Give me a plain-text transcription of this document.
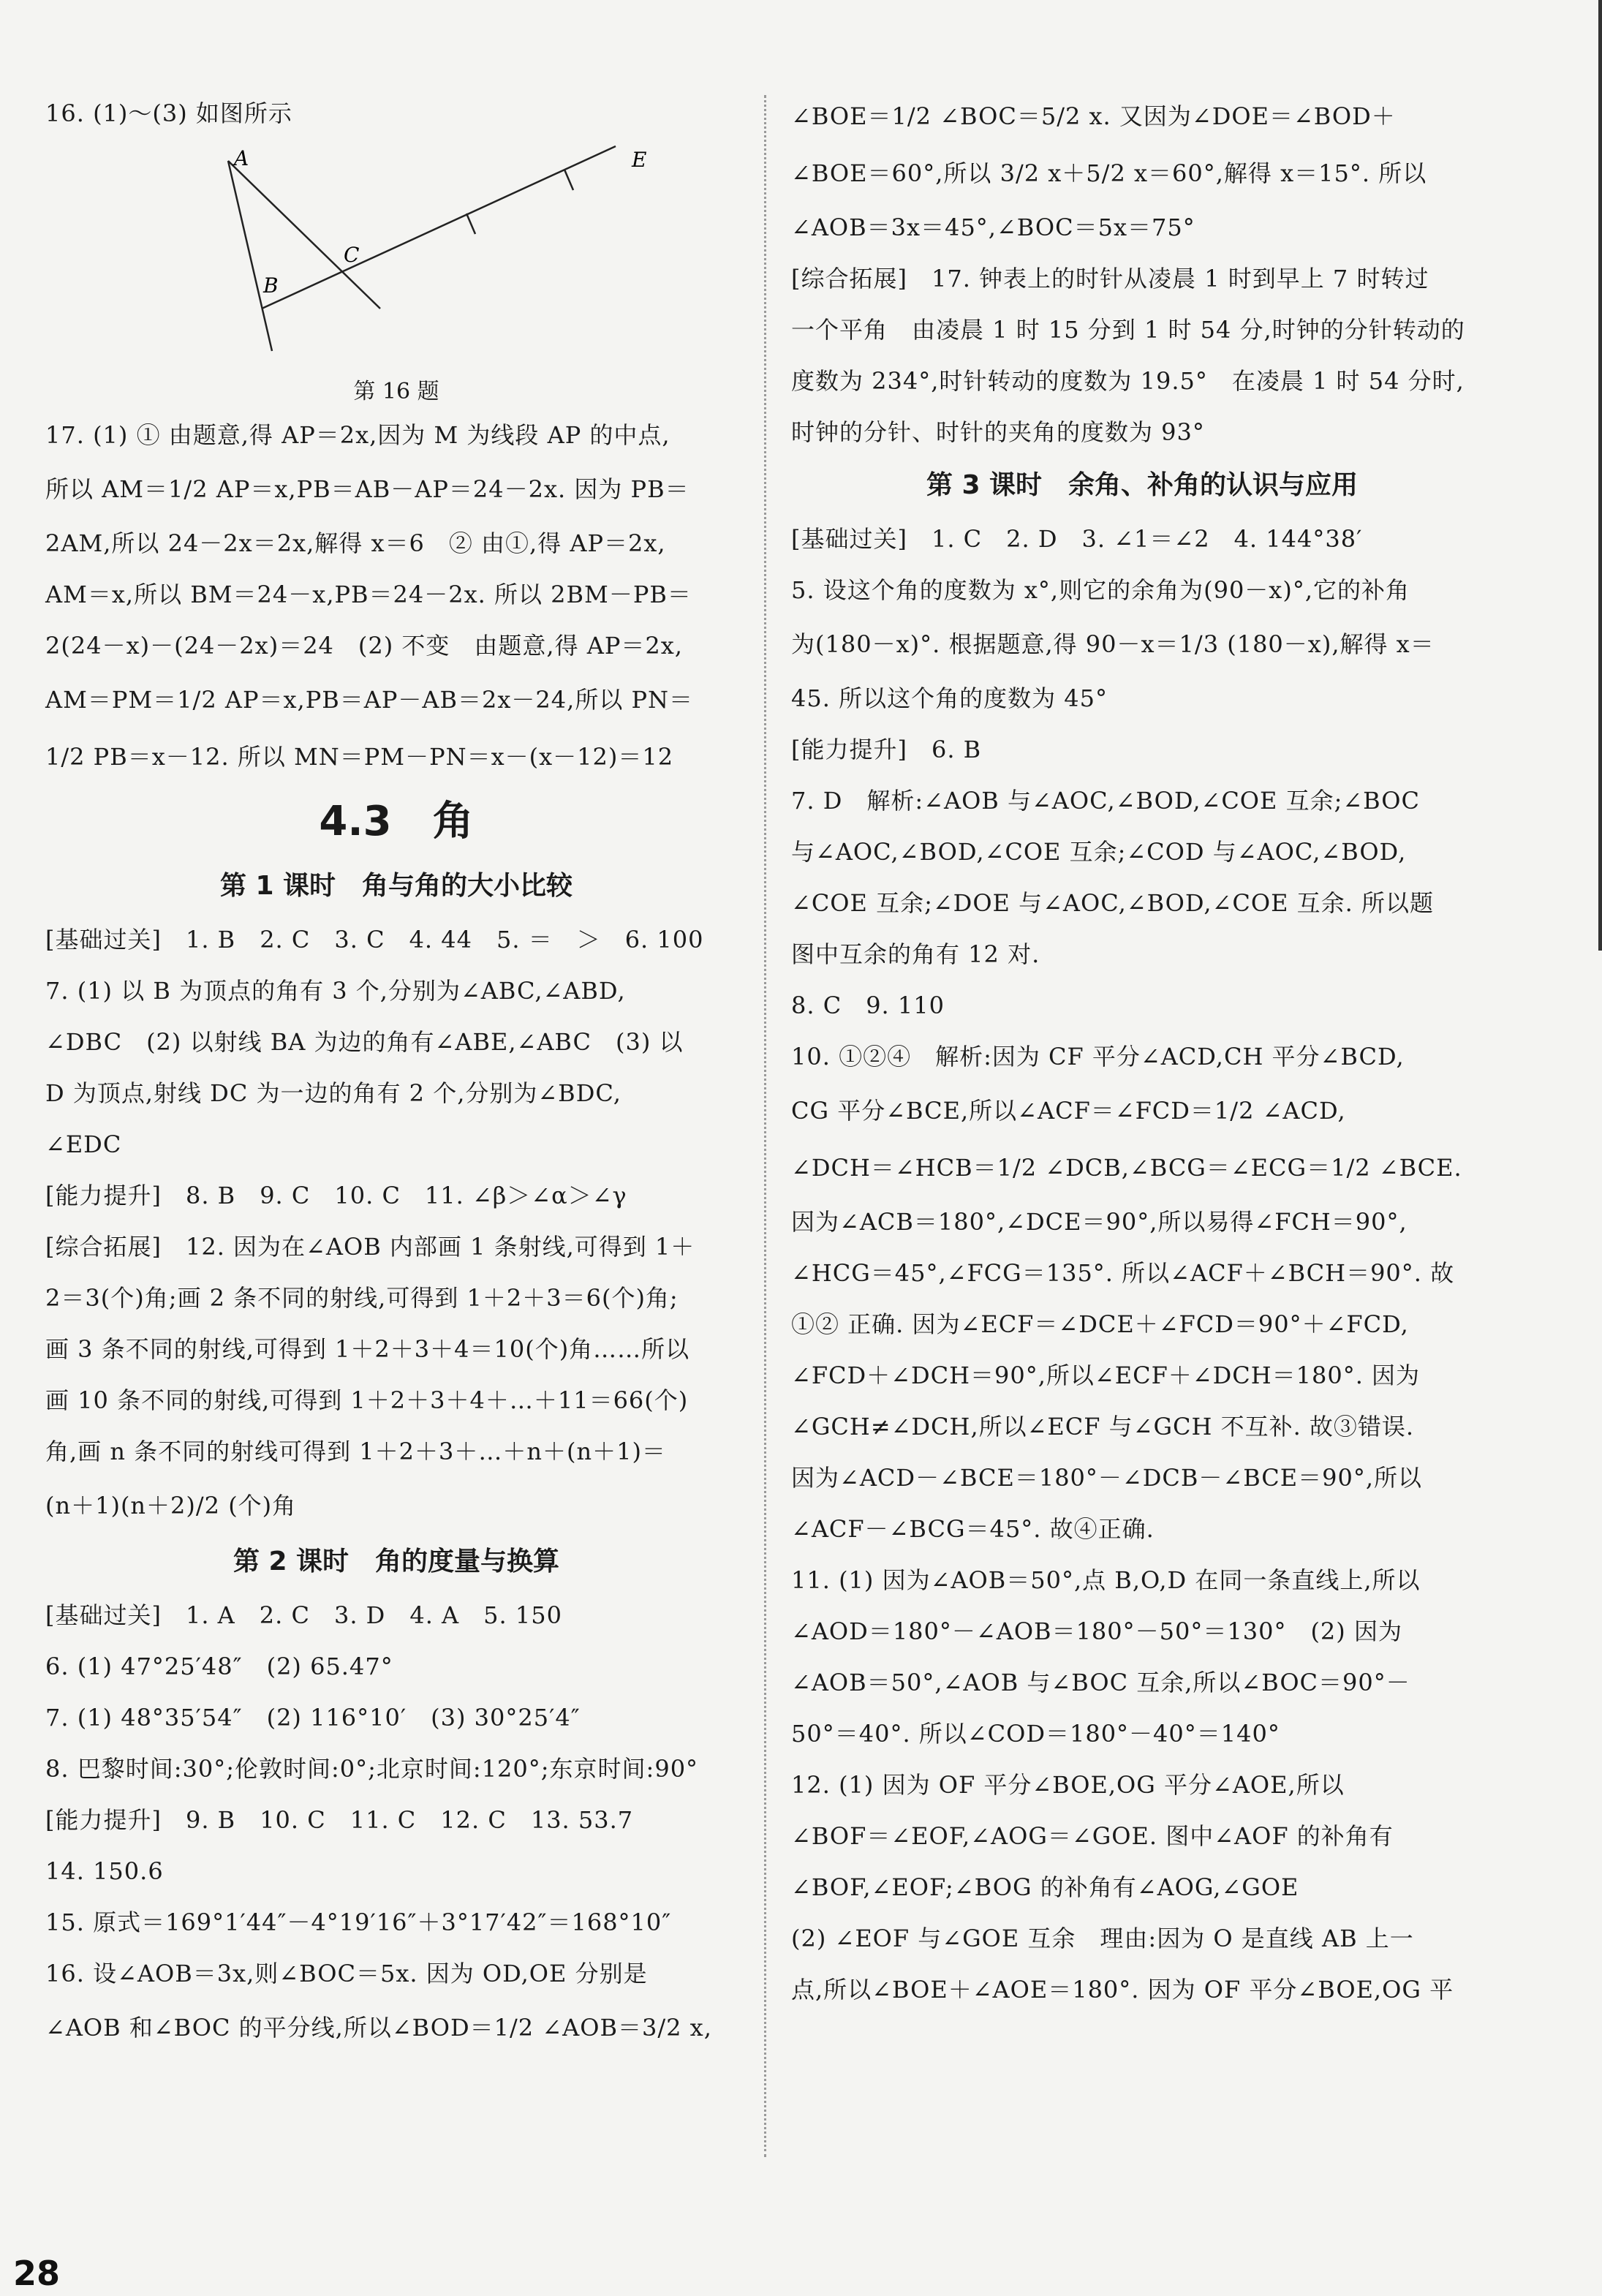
16. (1)～(3) 如图所示
A
B
C
E
第 16 题
17. (1) ① 由题意,得 AP＝2x,因为 M 为线段 AP 的中点,
所以 AM＝1/2 AP＝x,PB＝AB－AP＝24－2x. 因为 PB＝
2AM,所以 24－2x＝2x,解得 x＝6　② 由①,得 AP＝2x,
AM＝x,所以 BM＝24－x,PB＝24－2x. 所以 2BM－PB＝
2(24－x)－(24－2x)＝24　(2) 不变　由题意,得 AP＝2x,
AM＝PM＝1/2 AP＝x,PB＝AP－AB＝2x－24,所以 PN＝
1/2 PB＝x－12. 所以 MN＝PM－PN＝x－(x－12)＝12
4.3　角
第 1 课时　角与角的大小比较
[基础过关]　1. B　2. C　3. C　4. 44　5. ＝　＞　6. 100
7. (1) 以 B 为顶点的角有 3 个,分别为∠ABC,∠ABD,
∠DBC　(2) 以射线 BA 为边的角有∠ABE,∠ABC　(3) 以
D 为顶点,射线 DC 为一边的角有 2 个,分别为∠BDC,
∠EDC
[能力提升]　8. B　9. C　10. C　11. ∠β＞∠α＞∠γ
[综合拓展]　12. 因为在∠AOB 内部画 1 条射线,可得到 1＋
2＝3(个)角;画 2 条不同的射线,可得到 1＋2＋3＝6(个)角;
画 3 条不同的射线,可得到 1＋2＋3＋4＝10(个)角……所以
画 10 条不同的射线,可得到 1＋2＋3＋4＋…＋11＝66(个)
角,画 n 条不同的射线可得到 1＋2＋3＋…＋n＋(n＋1)＝
(n＋1)(n＋2)/2 (个)角
第 2 课时　角的度量与换算
[基础过关]　1. A　2. C　3. D　4. A　5. 150
6. (1) 47°25′48″　(2) 65.47°
7. (1) 48°35′54″　(2) 116°10′　(3) 30°25′4″
8. 巴黎时间:30°;伦敦时间:0°;北京时间:120°;东京时间:90°
[能力提升]　9. B　10. C　11. C　12. C　13. 53.7
14. 150.6
15. 原式＝169°1′44″－4°19′16″＋3°17′42″＝168°10″
16. 设∠AOB＝3x,则∠BOC＝5x. 因为 OD,OE 分别是
∠AOB 和∠BOC 的平分线,所以∠BOD＝1/2 ∠AOB＝3/2 x,
∠BOE＝1/2 ∠BOC＝5/2 x. 又因为∠DOE＝∠BOD＋
∠BOE＝60°,所以 3/2 x＋5/2 x＝60°,解得 x＝15°. 所以
∠AOB＝3x＝45°,∠BOC＝5x＝75°
[综合拓展]　17. 钟表上的时针从凌晨 1 时到早上 7 时转过
一个平角　由凌晨 1 时 15 分到 1 时 54 分,时钟的分针转动的
度数为 234°,时针转动的度数为 19.5°　在凌晨 1 时 54 分时,
时钟的分针、时针的夹角的度数为 93°
第 3 课时　余角、补角的认识与应用
[基础过关]　1. C　2. D　3. ∠1＝∠2　4. 144°38′
5. 设这个角的度数为 x°,则它的余角为(90－x)°,它的补角
为(180－x)°. 根据题意,得 90－x＝1/3 (180－x),解得 x＝
45. 所以这个角的度数为 45°
[能力提升]　6. B
7. D　解析:∠AOB 与∠AOC,∠BOD,∠COE 互余;∠BOC
与∠AOC,∠BOD,∠COE 互余;∠COD 与∠AOC,∠BOD,
∠COE 互余;∠DOE 与∠AOC,∠BOD,∠COE 互余. 所以题
图中互余的角有 12 对.
8. C　9. 110
10. ①②④　解析:因为 CF 平分∠ACD,CH 平分∠BCD,
CG 平分∠BCE,所以∠ACF＝∠FCD＝1/2 ∠ACD,
∠DCH＝∠HCB＝1/2 ∠DCB,∠BCG＝∠ECG＝1/2 ∠BCE.
因为∠ACB＝180°,∠DCE＝90°,所以易得∠FCH＝90°,
∠HCG＝45°,∠FCG＝135°. 所以∠ACF＋∠BCH＝90°. 故
①② 正确. 因为∠ECF＝∠DCE＋∠FCD＝90°＋∠FCD,
∠FCD＋∠DCH＝90°,所以∠ECF＋∠DCH＝180°. 因为
∠GCH≠∠DCH,所以∠ECF 与∠GCH 不互补. 故③错误.
因为∠ACD－∠BCE＝180°－∠DCB－∠BCE＝90°,所以
∠ACF－∠BCG＝45°. 故④正确.
11. (1) 因为∠AOB＝50°,点 B,O,D 在同一条直线上,所以
∠AOD＝180°－∠AOB＝180°－50°＝130°　(2) 因为
∠AOB＝50°,∠AOB 与∠BOC 互余,所以∠BOC＝90°－
50°＝40°. 所以∠COD＝180°－40°＝140°
12. (1) 因为 OF 平分∠BOE,OG 平分∠AOE,所以
∠BOF＝∠EOF,∠AOG＝∠GOE. 图中∠AOF 的补角有
∠BOF,∠EOF;∠BOG 的补角有∠AOG,∠GOE
(2) ∠EOF 与∠GOE 互余　理由:因为 O 是直线 AB 上一
点,所以∠BOE＋∠AOE＝180°. 因为 OF 平分∠BOE,OG 平
28
